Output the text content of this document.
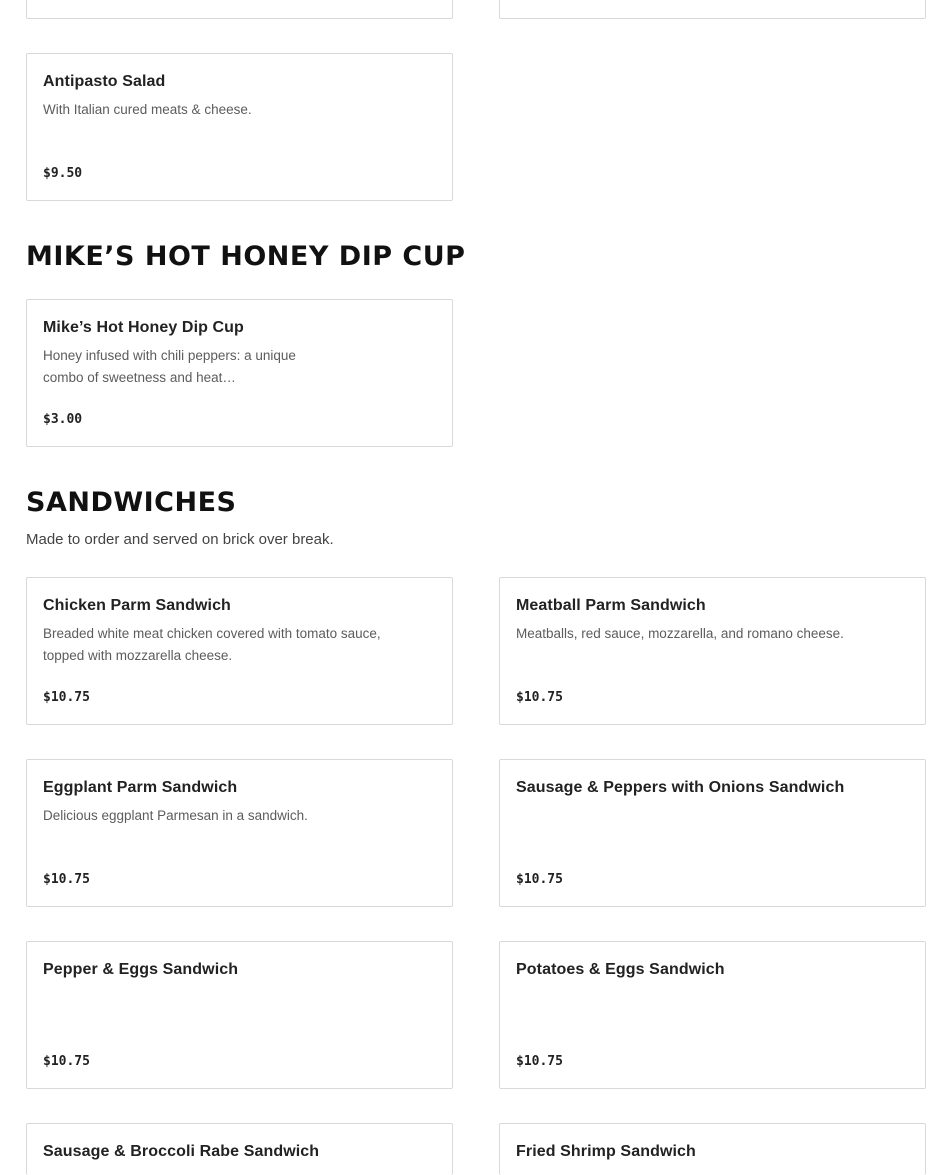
Antipasto Salad
With Italian cured meats & cheese.
$9.50
MIKE’S HOT HONEY DIP CUP
Mike’s Hot Honey Dip Cup
Honey infused with chili peppers: a unique combo of sweetness and heat…
$3.00
SANDWICHES

Made to order and served on brick over break.

Chicken Parm Sandwich
Breaded white meat chicken covered with tomato sauce, topped with mozzarella cheese.
$10.75
Meatball Parm Sandwich
Meatballs, red sauce, mozzarella, and romano cheese.
$10.75
Eggplant Parm Sandwich
Delicious eggplant Parmesan in a sandwich.
$10.75
Sausage & Peppers with Onions Sandwich
$10.75
Pepper & Eggs Sandwich
$10.75
Potatoes & Eggs Sandwich
$10.75
Sausage & Broccoli Rabe Sandwich	Fried Shrimp Sandwich
